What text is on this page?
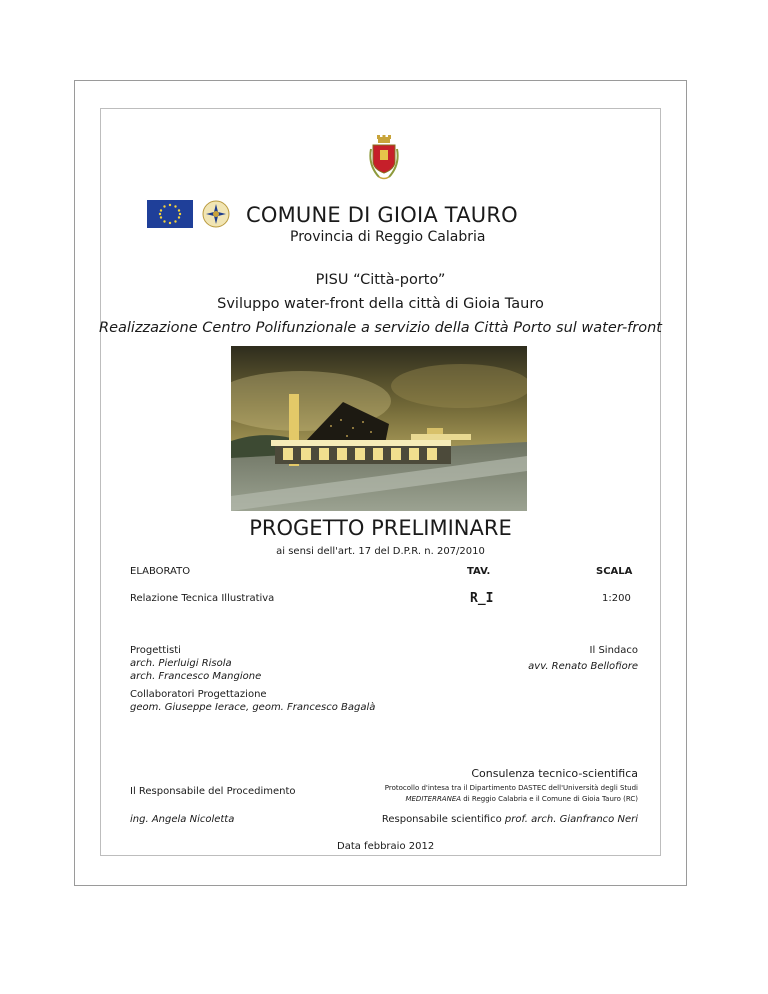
COMUNE DI GIOIA TAURO
Provincia di Reggio Calabria
PISU “Città-porto”
Sviluppo water-front della città di Gioia Tauro
Realizzazione Centro Polifunzionale a servizio della Città Porto sul water-front
PROGETTO PRELIMINARE
ai sensi dell'art. 17 del D.P.R. n. 207/2010
ELABORATO	TAV.	SCALA
Relazione Tecnica Illustrativa	R_I	1:200
Progettisti
arch. Pierluigi Risola
arch. Francesco Mangione
Il Sindaco
avv. Renato Bellofiore
Collaboratori Progettazione
geom. Giuseppe Ierace, geom. Francesco Bagalà
Consulenza tecnico-scientifica
Protocollo d'intesa tra il Dipartimento DASTEC dell'Università degli Studi
MEDITERRANEA di Reggio Calabria e il Comune di Gioia Tauro (RC)
Il Responsabile del Procedimento
ing. Angela Nicoletta	Responsabile scientifico prof. arch. Gianfranco Neri
Data febbraio 2012
